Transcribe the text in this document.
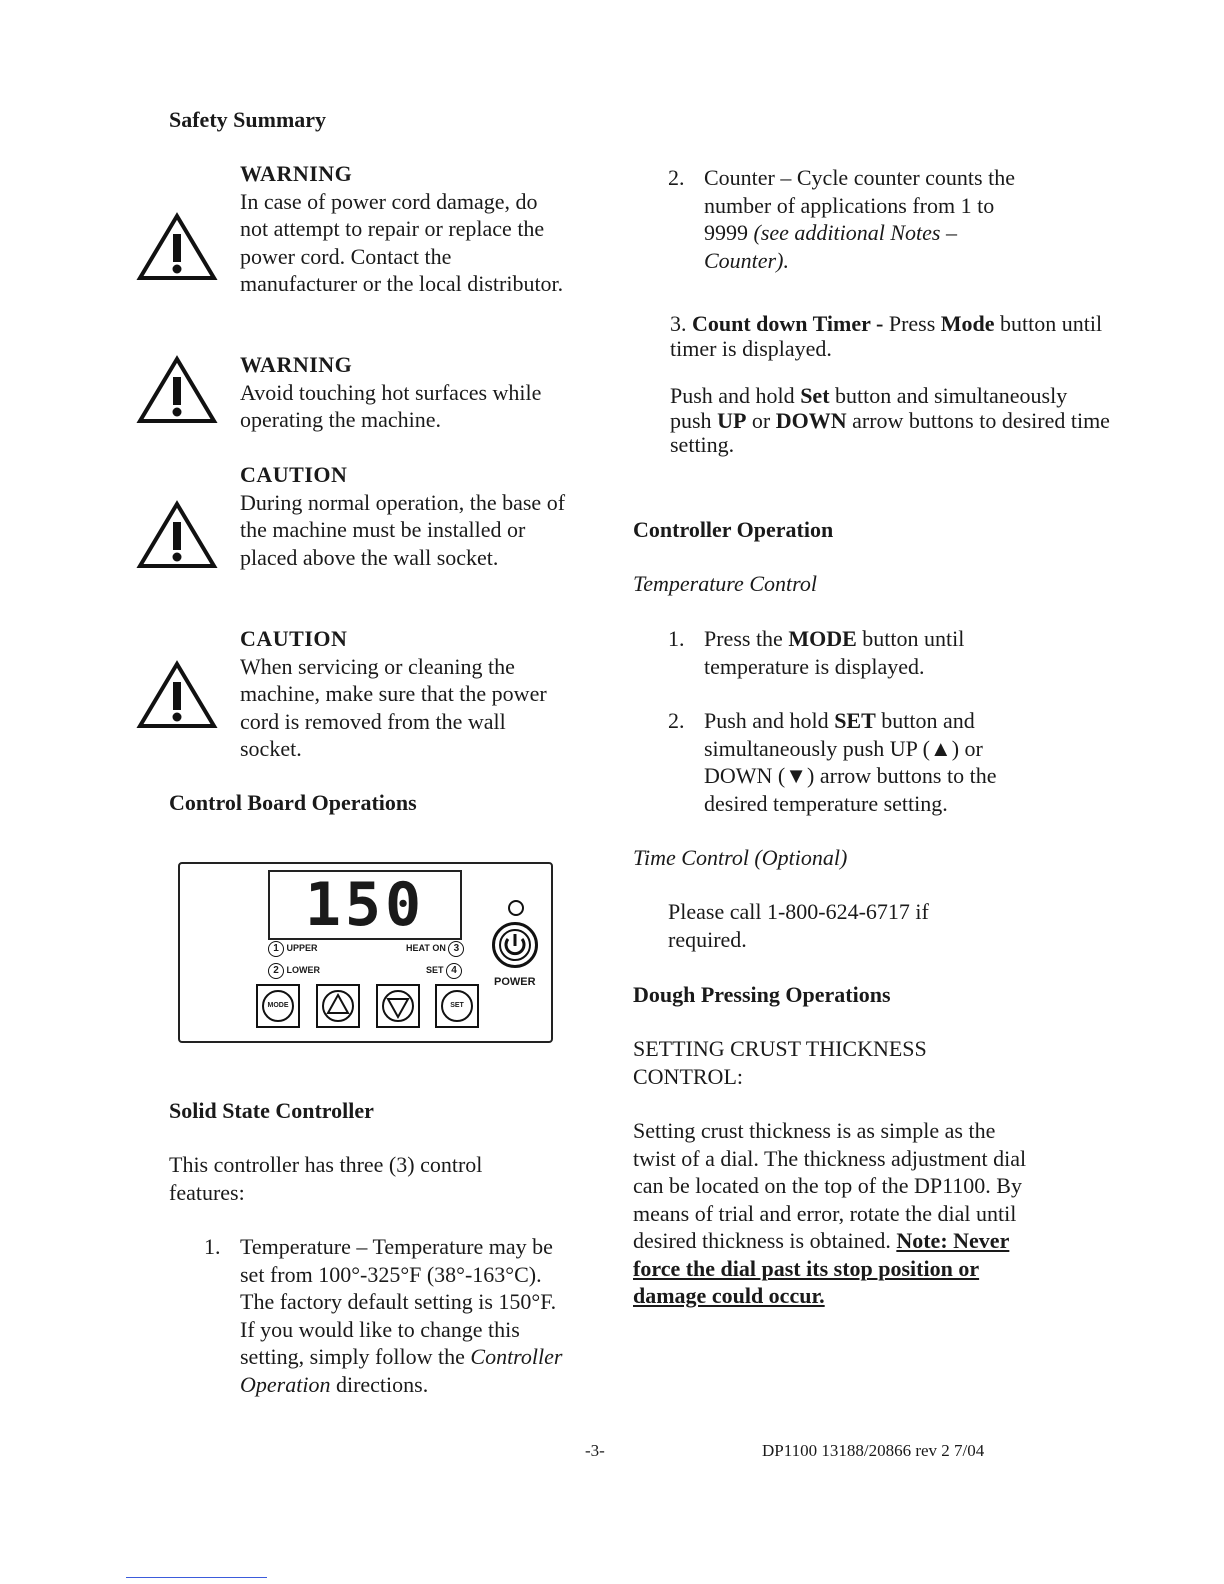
Safety Summary
WARNING
In case of power cord damage, do not attempt to repair or replace the power cord. Contact the manufacturer or the local distributor.
WARNING
Avoid touching hot surfaces while operating the machine.
CAUTION
During normal operation, the base of the machine must be installed or placed above the wall socket.
CAUTION
When servicing or cleaning the machine, make sure that the power cord is removed from the wall socket.
Control Board Operations
150
1 UPPER
2 LOWER
HEAT ON 3
SET 4
POWER
MODE	SET
Solid State Controller
This controller has three (3) control features:
1. Temperature – Temperature may be set from 100°-325°F (38°-163°C). The factory default setting is 150°F. If you would like to change this setting, simply follow the Controller Operation directions.
2. Counter – Cycle counter counts the number of applications from 1 to 9999 (see additional Notes – Counter).
3. Count down Timer - Press Mode button until timer is displayed.
Push and hold Set button and simultaneously push UP or DOWN arrow buttons to desired time setting.
Controller Operation
Temperature Control
1. Press the MODE button until temperature is displayed.
2. Push and hold SET button and simultaneously push UP (▲) or DOWN (▼) arrow buttons to the desired temperature setting.
Time Control (Optional)
Please call 1-800-624-6717 if required.
Dough Pressing Operations
SETTING CRUST THICKNESS CONTROL:
Setting crust thickness is as simple as the twist of a dial. The thickness adjustment dial can be located on the top of the DP1100. By means of trial and error, rotate the dial until desired thickness is obtained. Note: Never force the dial past its stop position or damage could occur.
-3-	DP1100 13188/20866 rev 2 7/04
